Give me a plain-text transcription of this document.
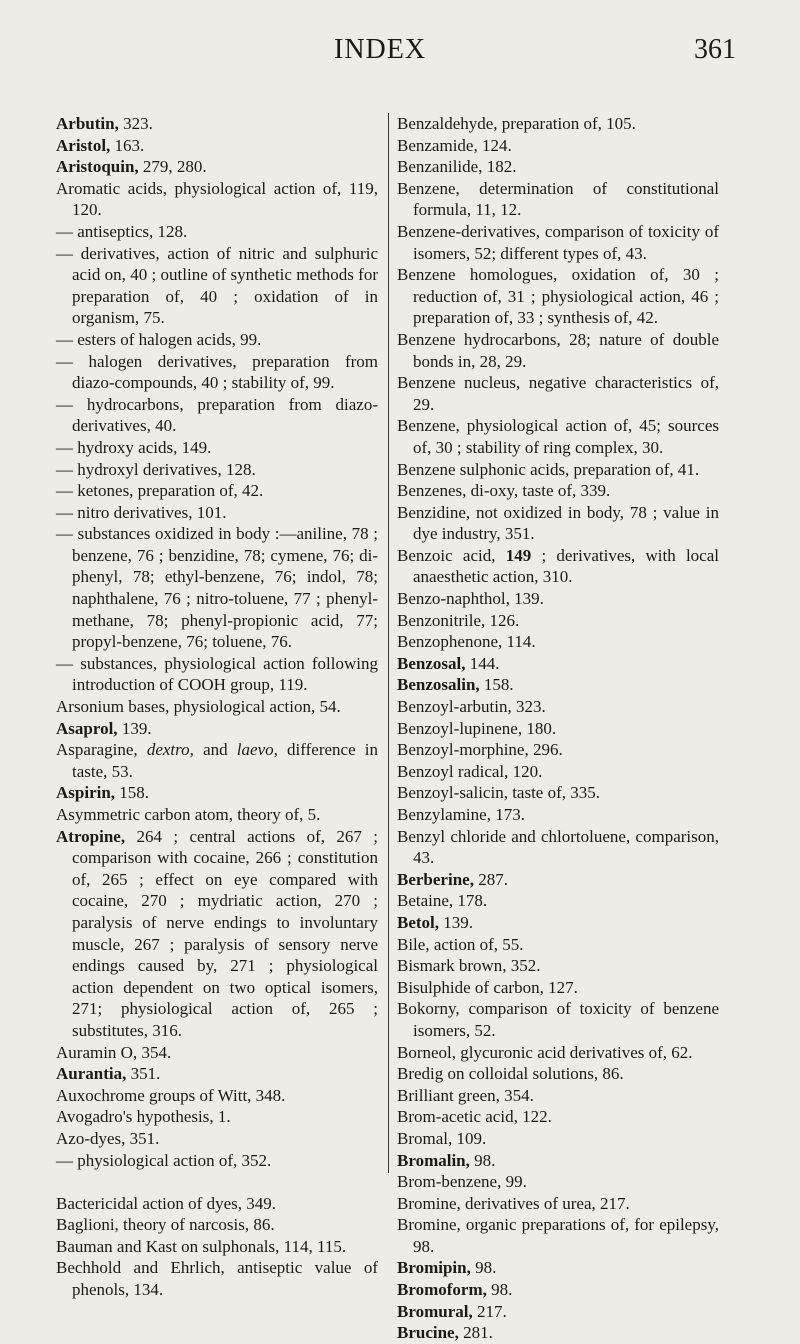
INDEX	361

Arbutin, 323.

Aristol, 163.

Aristoquin, 279, 280.

Aromatic acids, physiological action of, 119, 120.

— antiseptics, 128.

— derivatives, action of nitric and sulphuric acid on, 40 ; outline of synthetic methods for preparation of, 40 ; oxidation of in organism, 75.

— esters of halogen acids, 99.

— halogen derivatives, preparation from diazo-compounds, 40 ; stability of, 99.

— hydrocarbons, preparation from diazo-derivatives, 40.

— hydroxy acids, 149.

— hydroxyl derivatives, 128.

— ketones, preparation of, 42.

— nitro derivatives, 101.

— substances oxidized in body :—aniline, 78 ; benzene, 76 ; benzidine, 78; cymene, 76; di-phenyl, 78; ethyl-benzene, 76; indol, 78; naphthalene, 76 ; nitro-toluene, 77 ; phenyl-methane, 78; phenyl-propionic acid, 77; propyl-benzene, 76; toluene, 76.

— substances, physiological action following introduction of COOH group, 119.

Arsonium bases, physiological action, 54.

Asaprol, 139.

Asparagine, dextro, and laevo, difference in taste, 53.

Aspirin, 158.

Asymmetric carbon atom, theory of, 5.

Atropine, 264 ; central actions of, 267 ; comparison with cocaine, 266 ; constitution of, 265 ; effect on eye compared with cocaine, 270 ; mydriatic action, 270 ; paralysis of nerve endings to involuntary muscle, 267 ; paralysis of sensory nerve endings caused by, 271 ; physiological action dependent on two optical isomers, 271; physiological action of, 265 ; substitutes, 316.

Auramin O, 354.

Aurantia, 351.

Auxochrome groups of Witt, 348.

Avogadro's hypothesis, 1.

Azo-dyes, 351.

— physiological action of, 352.

Bactericidal action of dyes, 349.

Baglioni, theory of narcosis, 86.

Bauman and Kast on sulphonals, 114, 115.

Bechhold and Ehrlich, antiseptic value of phenols, 134.

Benzaldehyde, preparation of, 105.

Benzamide, 124.

Benzanilide, 182.

Benzene, determination of constitutional formula, 11, 12.

Benzene-derivatives, comparison of toxicity of isomers, 52; different types of, 43.

Benzene homologues, oxidation of, 30 ; reduction of, 31 ; physiological action, 46 ; preparation of, 33 ; synthesis of, 42.

Benzene hydrocarbons, 28; nature of double bonds in, 28, 29.

Benzene nucleus, negative characteristics of, 29.

Benzene, physiological action of, 45; sources of, 30 ; stability of ring complex, 30.

Benzene sulphonic acids, preparation of, 41.

Benzenes, di-oxy, taste of, 339.

Benzidine, not oxidized in body, 78 ; value in dye industry, 351.

Benzoic acid, 149 ; derivatives, with local anaesthetic action, 310.

Benzo-naphthol, 139.

Benzonitrile, 126.

Benzophenone, 114.

Benzosal, 144.

Benzosalin, 158.

Benzoyl-arbutin, 323.

Benzoyl-lupinene, 180.

Benzoyl-morphine, 296.

Benzoyl radical, 120.

Benzoyl-salicin, taste of, 335.

Benzylamine, 173.

Benzyl chloride and chlortoluene, comparison, 43.

Berberine, 287.

Betaine, 178.

Betol, 139.

Bile, action of, 55.

Bismark brown, 352.

Bisulphide of carbon, 127.

Bokorny, comparison of toxicity of benzene isomers, 52.

Borneol, glycuronic acid derivatives of, 62.

Bredig on colloidal solutions, 86.

Brilliant green, 354.

Brom-acetic acid, 122.

Bromal, 109.

Bromalin, 98.

Brom-benzene, 99.

Bromine, derivatives of urea, 217.

Bromine, organic preparations of, for epilepsy, 98.

Bromipin, 98.

Bromoform, 98.

Bromural, 217.

Brucine, 281.
